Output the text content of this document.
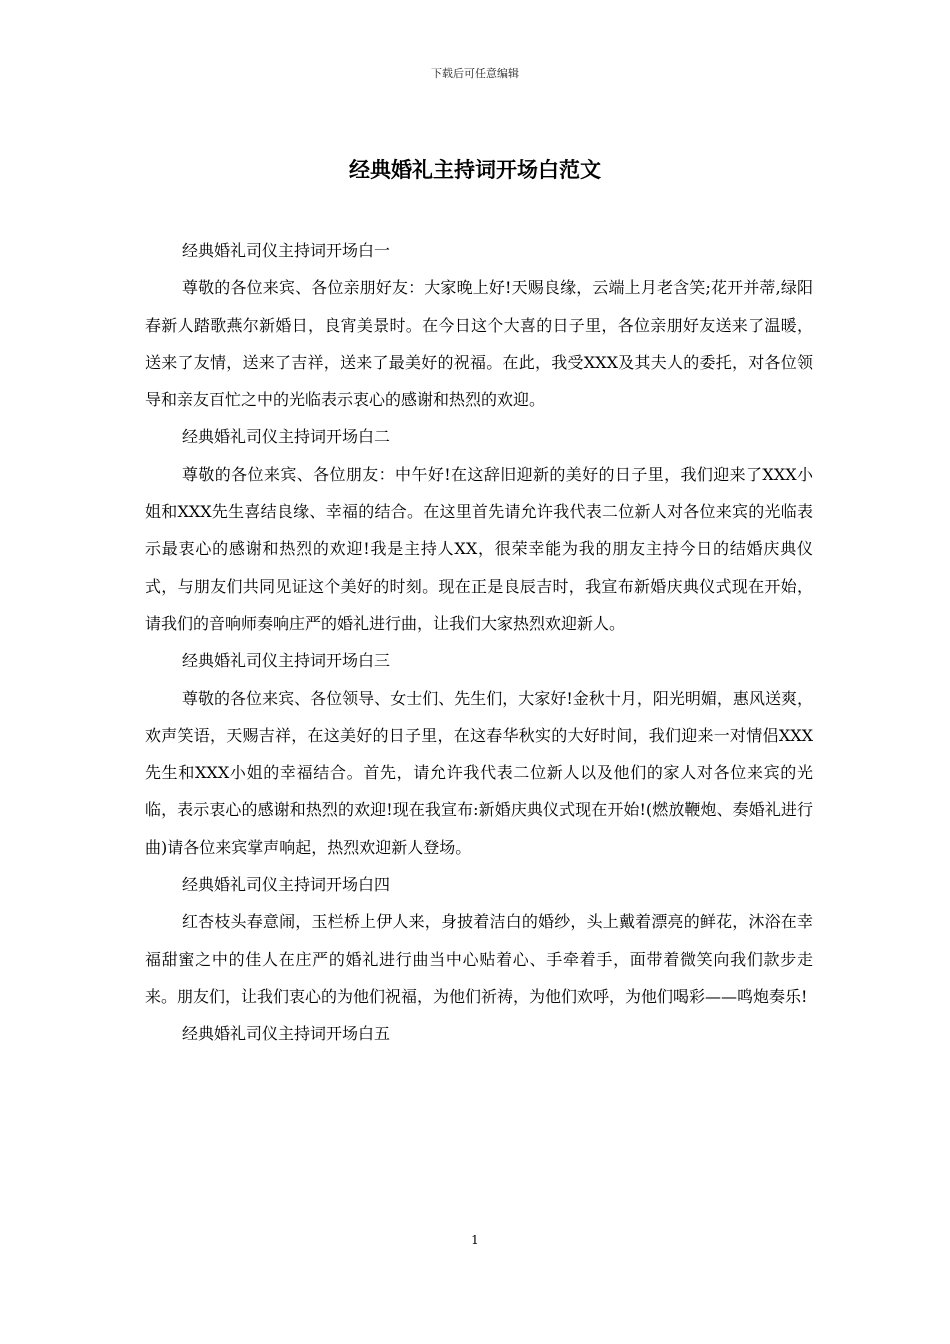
下载后可任意编辑
经典婚礼主持词开场白范文

经典婚礼司仪主持词开场白一

尊敬的各位来宾、各位亲朋好友：大家晚上好!天赐良缘，云端上月老含笑;花开并蒂,绿阳春新人踏歌燕尔新婚日，良宵美景时。在今日这个大喜的日子里，各位亲朋好友送来了温暖，送来了友情，送来了吉祥，送来了最美好的祝福。在此，我受XXX及其夫人的委托，对各位领导和亲友百忙之中的光临表示衷心的感谢和热烈的欢迎。

经典婚礼司仪主持词开场白二

尊敬的各位来宾、各位朋友：中午好!在这辞旧迎新的美好的日子里，我们迎来了XXX小姐和XXX先生喜结良缘、幸福的结合。在这里首先请允许我代表二位新人对各位来宾的光临表示最衷心的感谢和热烈的欢迎!我是主持人XX，很荣幸能为我的朋友主持今日的结婚庆典仪式，与朋友们共同见证这个美好的时刻。现在正是良辰吉时，我宣布新婚庆典仪式现在开始，请我们的音响师奏响庄严的婚礼进行曲，让我们大家热烈欢迎新人。

经典婚礼司仪主持词开场白三

尊敬的各位来宾、各位领导、女士们、先生们，大家好!金秋十月，阳光明媚，惠风送爽，欢声笑语，天赐吉祥，在这美好的日子里，在这春华秋实的大好时间，我们迎来一对情侣XXX先生和XXX小姐的幸福结合。首先，请允许我代表二位新人以及他们的家人对各位来宾的光临，表示衷心的感谢和热烈的欢迎!现在我宣布:新婚庆典仪式现在开始!(燃放鞭炮、奏婚礼进行曲)请各位来宾掌声响起，热烈欢迎新人登场。

经典婚礼司仪主持词开场白四

红杏枝头春意闹，玉栏桥上伊人来，身披着洁白的婚纱，头上戴着漂亮的鲜花，沐浴在幸福甜蜜之中的佳人在庄严的婚礼进行曲当中心贴着心、手牵着手，面带着微笑向我们款步走来。朋友们，让我们衷心的为他们祝福，为他们祈祷，为他们欢呼，为他们喝彩——鸣炮奏乐!

经典婚礼司仪主持词开场白五

1
